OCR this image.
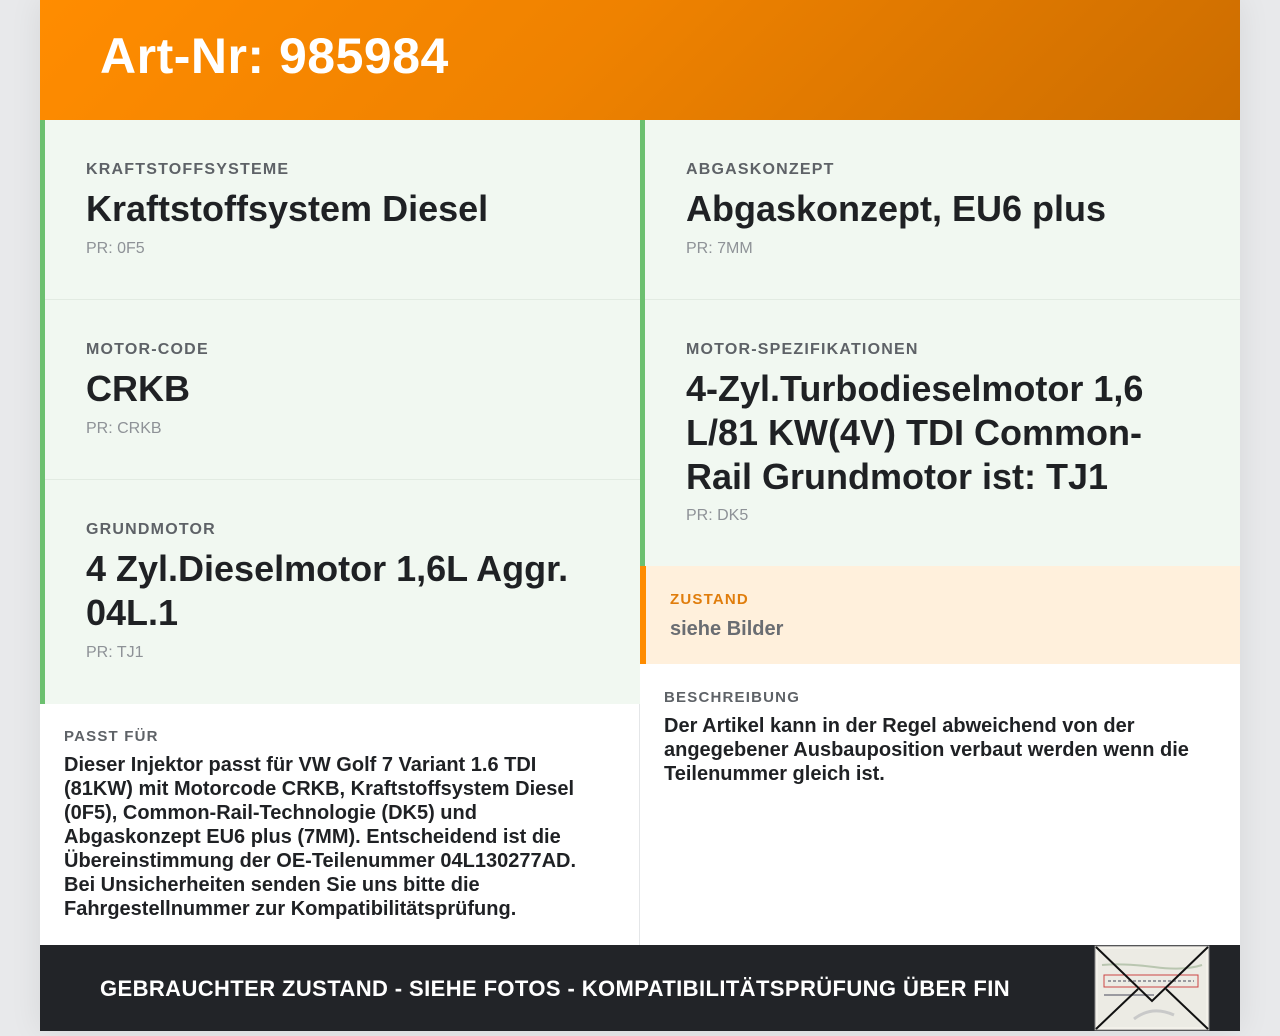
Art-Nr: 985984
KRAFTSTOFFSYSTEME
Kraftstoffsystem Diesel
PR: 0F5
MOTOR-CODE
CRKB
PR: CRKB
GRUNDMOTOR
4 Zyl.Dieselmotor 1,6L Aggr. 04L.1
PR: TJ1
ABGASKONZEPT
Abgaskonzept, EU6 plus
PR: 7MM
MOTOR-SPEZIFIKATIONEN
4-Zyl.Turbodieselmotor 1,6 L/81 KW(4V) TDI Common-Rail Grundmotor ist: TJ1
PR: DK5
ZUSTAND
siehe Bilder
PASST FÜR
Dieser Injektor passt für VW Golf 7 Variant 1.6 TDI (81KW) mit Motorcode CRKB, Kraftstoffsystem Diesel (0F5), Common-Rail-Technologie (DK5) und Abgaskonzept EU6 plus (7MM). Entscheidend ist die Übereinstimmung der OE-Teilenummer 04L130277AD. Bei Unsicherheiten senden Sie uns bitte die Fahrgestellnummer zur Kompatibilitätsprüfung.
BESCHREIBUNG
Der Artikel kann in der Regel abweichend von der angegebener Ausbauposition verbaut werden wenn die Teilenummer gleich ist.
GEBRAUCHTER ZUSTAND - SIEHE FOTOS - KOMPATIBILITÄTSPRÜFUNG ÜBER FIN
